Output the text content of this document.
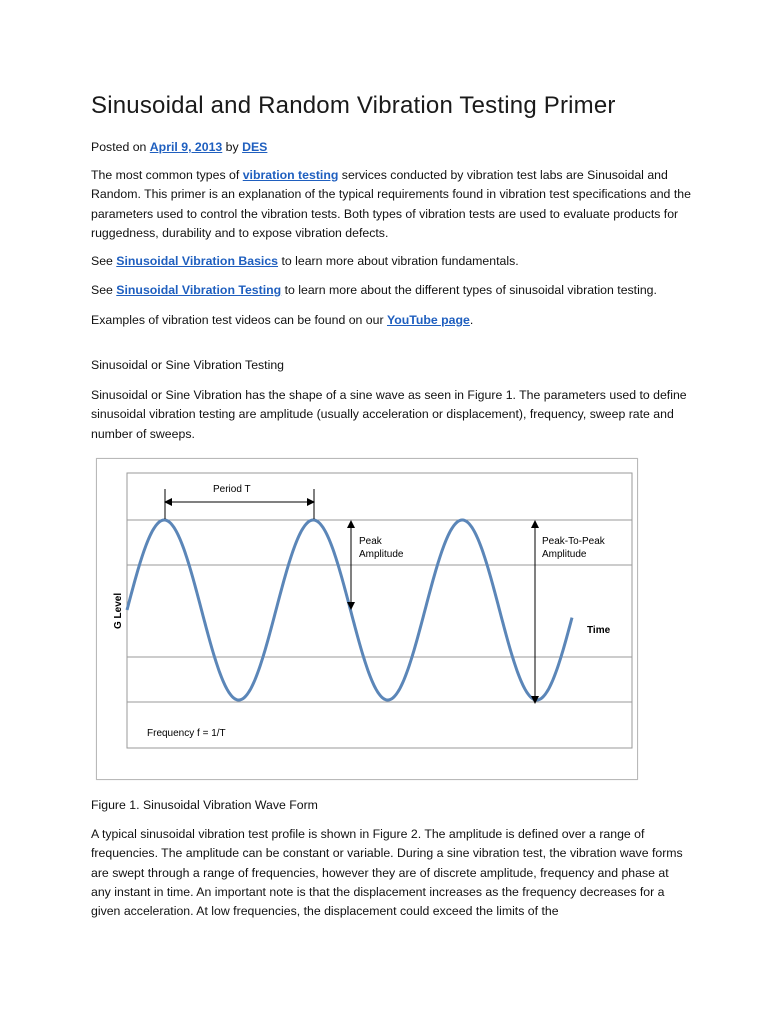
Sinusoidal and Random Vibration Testing Primer

Posted on April 9, 2013 by DES

The most common types of vibration testing services conducted by vibration test labs are Sinusoidal and Random. This primer is an explanation of the typical requirements found in vibration test specifications and the parameters used to control the vibration tests. Both types of vibration tests are used to evaluate products for ruggedness, durability and to expose vibration defects.

See Sinusoidal Vibration Basics to learn more about vibration fundamentals.

See Sinusoidal Vibration Testing to learn more about the different types of sinusoidal vibration testing.

Examples of vibration test videos can be found on our YouTube page.

Sinusoidal or Sine Vibration Testing

Sinusoidal or Sine Vibration has the shape of a sine wave as seen in Figure 1. The parameters used to define sinusoidal vibration testing are amplitude (usually acceleration or displacement), frequency, sweep rate and number of sweeps.

Period T
Peak
Amplitude
Peak-To-Peak
Amplitude
G Level
Time
Frequency f = 1/T

Figure 1. Sinusoidal Vibration Wave Form

A typical sinusoidal vibration test profile is shown in Figure 2. The amplitude is defined over a range of frequencies. The amplitude can be constant or variable. During a sine vibration test, the vibration wave forms are swept through a range of frequencies, however they are of discrete amplitude, frequency and phase at any instant in time. An important note is that the displacement increases as the frequency decreases for a given acceleration. At low frequencies, the displacement could exceed the limits of the
